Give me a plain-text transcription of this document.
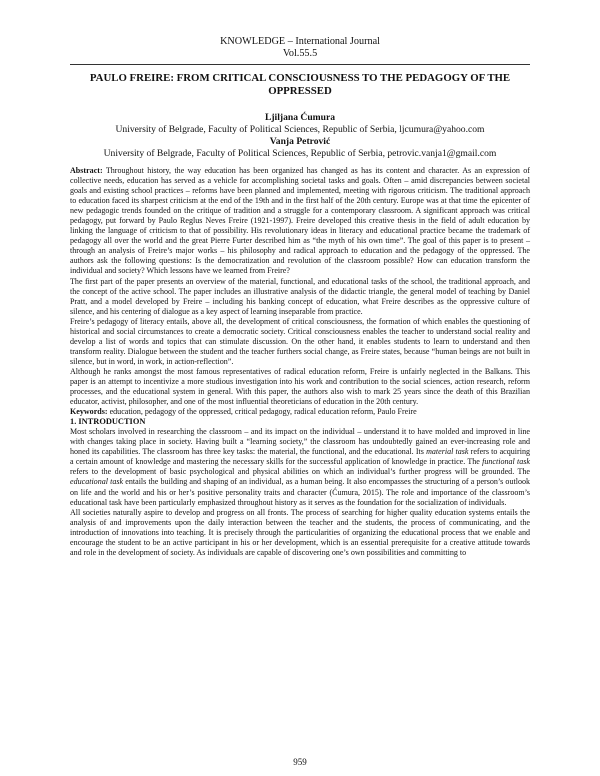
KNOWLEDGE – International Journal
Vol.55.5
PAULO FREIRE: FROM CRITICAL CONSCIOUSNESS TO THE PEDAGOGY OF THE OPPRESSED
Ljiljana Ćumura
University of Belgrade, Faculty of Political Sciences, Republic of Serbia, ljcumura@yahoo.com
Vanja Petrović
University of Belgrade, Faculty of Political Sciences, Republic of Serbia, petrovic.vanja1@gmail.com

Abstract: Throughout history, the way education has been organized has changed as has its content and character. As an expression of collective needs, education has served as a vehicle for accomplishing societal tasks and goals. Often – amid discrepancies between societal goals and existing school practices – reforms have been planned and implemented, meeting with rigorous criticism. The traditional approach to education faced its sharpest criticism at the end of the 19th and in the first half of the 20th century. Europe was at that time the epicenter of new pedagogic trends founded on the critique of tradition and a struggle for a contemporary classroom. A significant approach was critical pedagogy, put forward by Paulo Reglus Neves Freire (1921-1997). Freire developed this creative thesis in the field of adult education by linking the language of criticism to that of possibility. His revolutionary ideas in literacy and educational practice became the trademark of pedagogy all over the world and the great Pierre Furter described him as “the myth of his own time”. The goal of this paper is to present – through an analysis of Freire’s major works – his philosophy and radical approach to education and the pedagogy of the oppressed. The authors ask the following questions: Is the democratization and revolution of the classroom possible? How can education transform the individual and society? Which lessons have we learned from Freire?

The first part of the paper presents an overview of the material, functional, and educational tasks of the school, the traditional approach, and the concept of the active school. The paper includes an illustrative analysis of the didactic triangle, the general model of teaching by Daniel Pratt, and a model developed by Freire – including his banking concept of education, what Freire describes as the oppressive culture of silence, and his centering of dialogue as a key aspect of learning inseparable from practice.

Freire’s pedagogy of literacy entails, above all, the development of critical consciousness, the formation of which enables the questioning of historical and social circumstances to create a democratic society. Critical consciousness enables the teacher to understand social reality and develop a list of words and topics that can stimulate discussion. On the other hand, it enables students to learn to understand and then transform reality. Dialogue between the student and the teacher furthers social change, as Freire states, because “human beings are not built in silence, but in word, in work, in action-reflection”.

Although he ranks amongst the most famous representatives of radical education reform, Freire is unfairly neglected in the Balkans. This paper is an attempt to incentivize a more studious investigation into his work and contribution to the social sciences, action research, reform processes, and the educational system in general. With this paper, the authors also wish to mark 25 years since the death of this Brazilian educator, activist, philosopher, and one of the most influential theoreticians of education in the 20th century.

Keywords: education, pedagogy of the oppressed, critical pedagogy, radical education reform, Paulo Freire

1. INTRODUCTION

Most scholars involved in researching the classroom – and its impact on the individual – understand it to have molded and improved in line with changes taking place in society. Having built a “learning society,” the classroom has undoubtedly gained an ever-increasing role and honed its capabilities. The classroom has three key tasks: the material, the functional, and the educational. Its material task refers to acquiring a certain amount of knowledge and mastering the necessary skills for the successful application of knowledge in practice. The functional task refers to the development of basic psychological and physical abilities on which an individual’s further progress will be grounded. The educational task entails the building and shaping of an individual, as a human being. It also encompasses the structuring of a person’s outlook on life and the world and his or her’s positive personality traits and character (Ćumura, 2015). The role and importance of the classroom’s educational task have been particularly emphasized throughout history as it serves as the foundation for the socialization of individuals.

All societies naturally aspire to develop and progress on all fronts. The process of searching for higher quality education systems entails the analysis of and improvements upon the daily interaction between the teacher and the students, the process of communicating, and the introduction of innovations into teaching. It is precisely through the particularities of organizing the educational process that we enable and encourage the student to be an active participant in his or her development, which is an essential prerequisite for a creative attitude towards and role in the development of society. As individuals are capable of discovering one’s own possibilities and committing to

959
